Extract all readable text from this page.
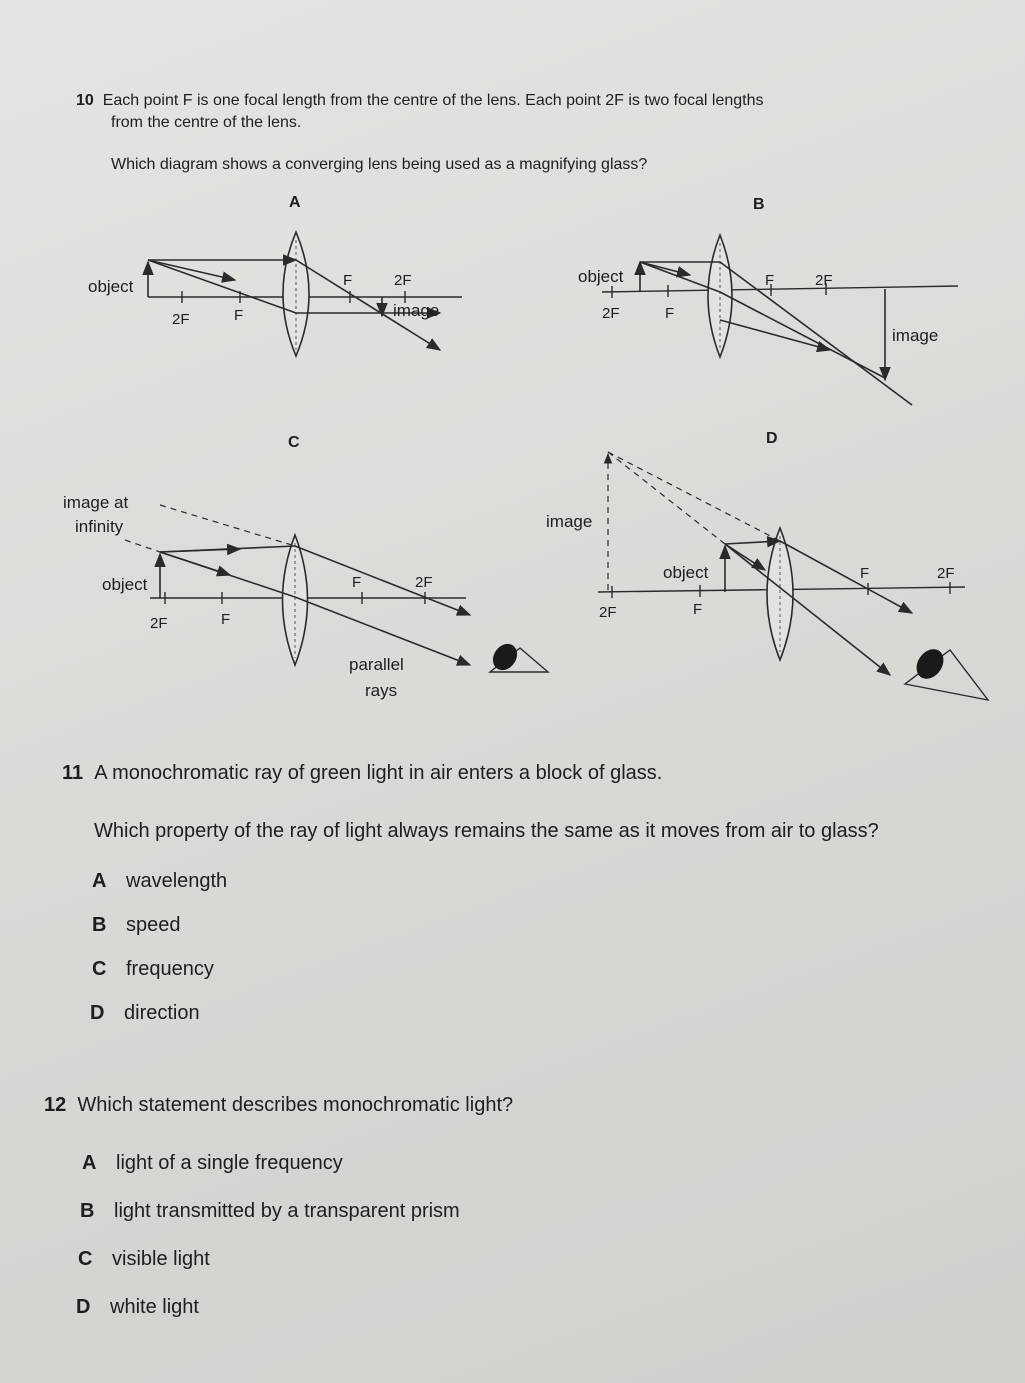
10 Each point F is one focal length from the centre of the lens. Each point 2F is two focal lengths
from the centre of the lens.
Which diagram shows a converging lens being used as a magnifying glass?
A	B
C	D
object
2F	F
F	2F
image
object
2F	F
F	2F
image
image at
infinity
object
2F	F
F	2F
parallel
rays
image
object
2F	F
F	2F
11 A monochromatic ray of green light in air enters a block of glass.
Which property of the ray of light always remains the same as it moves from air to glass?
A wavelength
B speed
C frequency
D direction
12 Which statement describes monochromatic light?
A light of a single frequency
B light transmitted by a transparent prism
C visible light
D white light
